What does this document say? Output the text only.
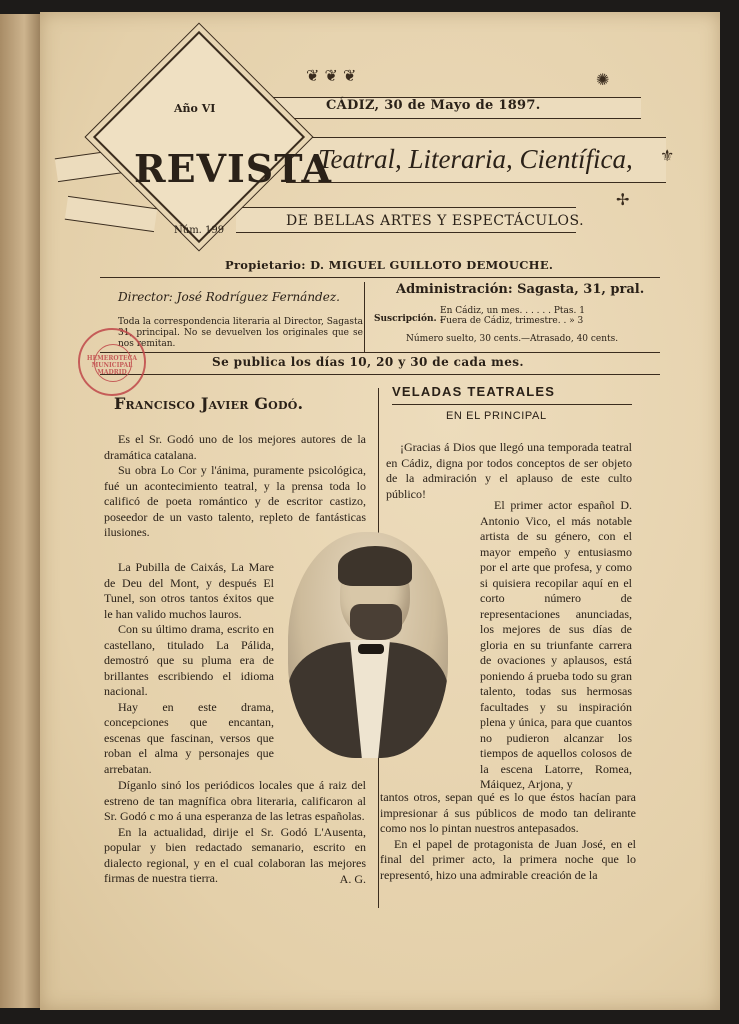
❦ ❦ ❦	✺
⚜
✢
Año VI	CÁDIZ, 30 de Mayo de 1897.
REVISTA
Teatral, Literaria, Científica,
Núm. 199
DE BELLAS ARTES Y ESPECTÁCULOS.
Propietario: D. MIGUEL GUILLOTO DEMOUCHE.
Director: José Rodríguez Fernández.
Toda la correspondencia literaria al Director, Sagasta 31, principal. No se devuelven los originales que se nos remitan.
Administración: Sagasta, 31, pral.
Suscripción. .
En Cádiz, un mes. . . . . . Ptas. 1
Fuera de Cádiz, trimestre. . » 3
Número suelto, 30 cents.—Atrasado, 40 cents.
Se publica los días 10, 20 y 30 de cada mes.
HEMEROTECA MUNICIPAL MADRID
Francisco Javier Godó.

Es el Sr. Godó uno de los mejores autores de la dramática catalana.

Su obra Lo Cor y l'ánima, puramente psicológica, fué un acontecimiento teatral, y la prensa toda lo calificó de poeta romántico y de escritor castizo, poseedor de un vasto talento, repleto de fantásticas ilusiones.

La Pubilla de Caixás, La Mare de Deu del Mont, y después El Tunel, son otros tantos éxitos que le han valido muchos lauros.

Con su último drama, escrito en castellano, titulado La Pálida, demostró que su pluma era de brillantes escribiendo el idioma nacional.

Hay en este drama, concepciones que encantan, escenas que fascinan, versos que roban el alma y personajes que arrebatan.

Díganlo sinó los periódicos locales que á raiz del estreno de tan magnífica obra literaria, calificaron al Sr. Godó c mo á una esperanza de las letras españolas.

En la actualidad, dirije el Sr. Godó L'Ausenta, popular y bien redactado semanario, escrito en dialecto regional, y en el cual colaboran las mejores firmas de nuestra tierra.	A. G.

VELADAS TEATRALES
EN EL PRINCIPAL

¡Gracias á Dios que llegó una temporada teatral en Cádiz, digna por todos conceptos de ser objeto de la admiración y el aplauso de este culto público!

El primer actor español D. Antonio Vico, el más notable artista de su género, con el mayor empeño y entusiasmo por el arte que profesa, y como si quisiera recopilar aquí en el corto número de representaciones anunciadas, los mejores de sus días de gloria en su triunfante carrera de ovaciones y aplausos, está poniendo á prueba todo su gran talento, todas sus hermosas facultades y su inspiración plena y única, para que cuantos no pudieron alcanzar los tiempos de aquellos colosos de la escena Latorre, Romea, Máiquez, Arjona, y

tantos otros, sepan qué es lo que éstos hacían para impresionar á sus públicos de modo tan delirante como nos lo pintan nuestros antepasados.

En el papel de protagonista de Juan José, en el final del primer acto, la primera noche que lo representó, hizo una admirable creación de la
